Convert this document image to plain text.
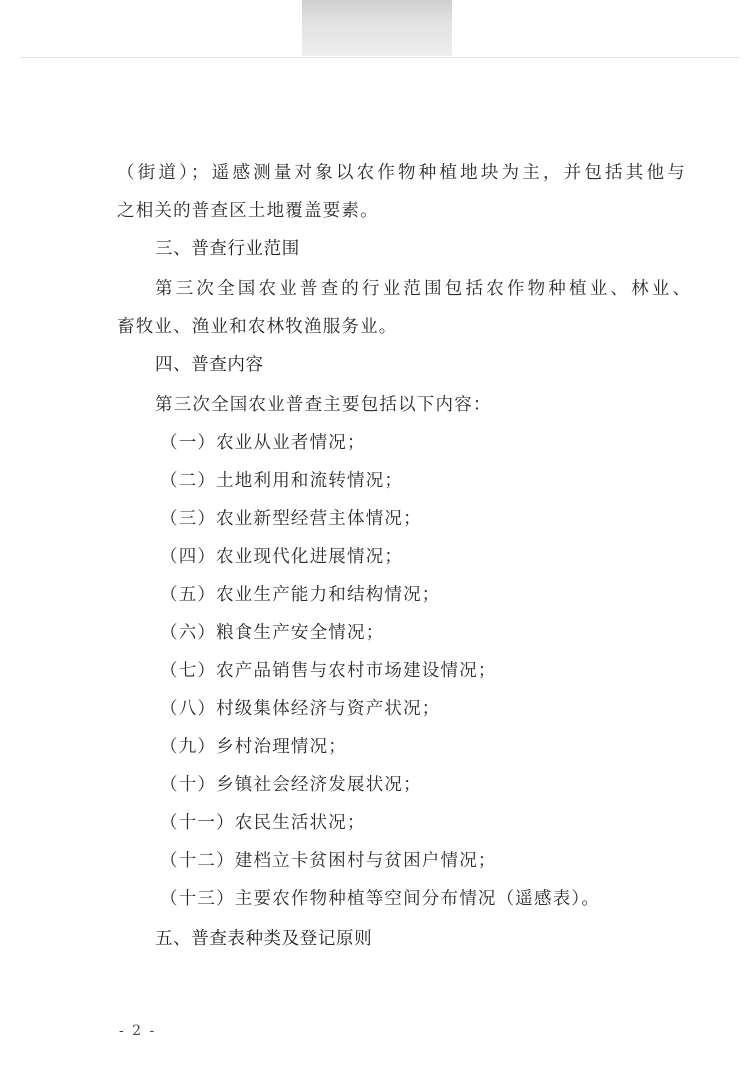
（街道）；遥感测量对象以农作物种植地块为主，并包括其他与
之相关的普查区土地覆盖要素。
三、普查行业范围
第三次全国农业普查的行业范围包括农作物种植业、林业、
畜牧业、渔业和农林牧渔服务业。
四、普查内容
第三次全国农业普查主要包括以下内容：
（一）农业从业者情况；
（二）土地利用和流转情况；
（三）农业新型经营主体情况；
（四）农业现代化进展情况；
（五）农业生产能力和结构情况；
（六）粮食生产安全情况；
（七）农产品销售与农村市场建设情况；
（八）村级集体经济与资产状况；
（九）乡村治理情况；
（十）乡镇社会经济发展状况；
（十一）农民生活状况；
（十二）建档立卡贫困村与贫困户情况；
（十三）主要农作物种植等空间分布情况（遥感表）。
五、普查表种类及登记原则
- 2 -
